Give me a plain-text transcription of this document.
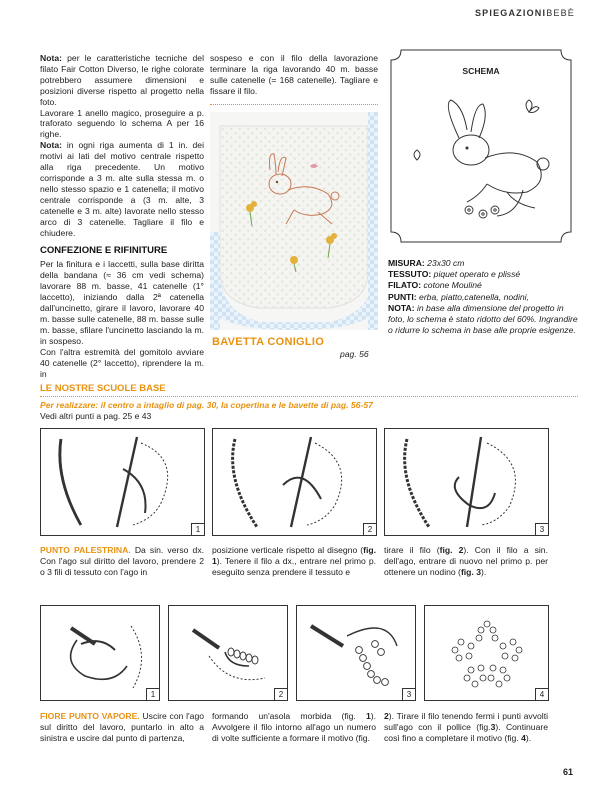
SPIEGAZIONIBEBÈ

Nota: per le caratteristiche tecniche del filato Fair Cotton Diverso, le righe colorate potrebbero assumere dimensioni e posizioni diverse rispetto al progetto nella foto.

Lavorare 1 anello magico, proseguire a p. traforato seguendo lo schema A per 16 righe.

Nota: in ogni riga aumenta di 1 in. dei motivi ai lati del motivo centrale rispetto alla riga precedente. Un motivo corrisponde a 3 m. alte sulla stessa m. o nello stesso spazio e 1 catenella; il motivo centrale corrisponde a (3 m. alte, 3 catenelle e 3 m. alte) lavorate nello stesso arco di 3 catenelle. Tagliare il filo e chiudere.

CONFEZIONE E RIFINITURE

Per la finitura e i laccetti, sulla base diritta della bandana (≈ 36 cm vedi schema) lavorare 88 m. basse, 41 catenelle (1° laccetto), iniziando dalla 2ª catenella dall'uncinetto, girare il lavoro, lavorare 40 m. basse sulle catenelle, 88 m. basse sulle m. basse, sfilare l'uncinetto lasciando la m. in sospeso.

Con l'altra estremità del gomitolo avviare 40 catenelle (2° laccetto), riprendere la m. in

sospeso e con il filo della lavorazione terminare la riga lavorando 40 m. basse sulle catenelle (= 168 catenelle). Tagliare e fissare il filo.

BAVETTA CONIGLIO
pag. 56
SCHEMA

MISURA: 23x30 cm

TESSUTO: piquet operato e plissé

FILATO: cotone Mouliné

PUNTI: erba, piatto,catenella, nodini,

NOTA: in base alla dimensione del progetto in foto, lo schema è stato ridotto del 60%. Ingrandire o ridurre lo schema in base alle proprie esigenze.

LE NOSTRE SCUOLE BASE
Per realizzare: il centro a intaglio di pag. 30, la copertina e le bavette di pag. 56-57
Vedi altri punti a pag. 25 e 43
1	2	3
PUNTO PALESTRINA. Da sin. verso dx. Con l'ago sul diritto del lavoro, prendere 2 o 3 fili di tessuto con l'ago in
posizione verticale rispetto al disegno (fig. 1). Tenere il filo a dx., entrare nel primo p. eseguito senza prendere il tessuto e
tirare il filo (fig. 2). Con il filo a sin. dell'ago, entrare di nuovo nel primo p. per ottenere un nodino (fig. 3).
1	2	3	4
FIORE PUNTO VAPORE. Uscire con l'ago sul diritto del lavoro, puntarlo in alto a sinistra e uscire dal punto di partenza,
formando un'asola morbida (fig. 1). Avvolgere il filo intorno all'ago un numero di volte sufficiente a formare il motivo (fig.
2). Tirare il filo tenendo fermi i punti avvolti sull'ago con il pollice (fig.3). Continuare così fino a completare il motivo (fig. 4).
61
